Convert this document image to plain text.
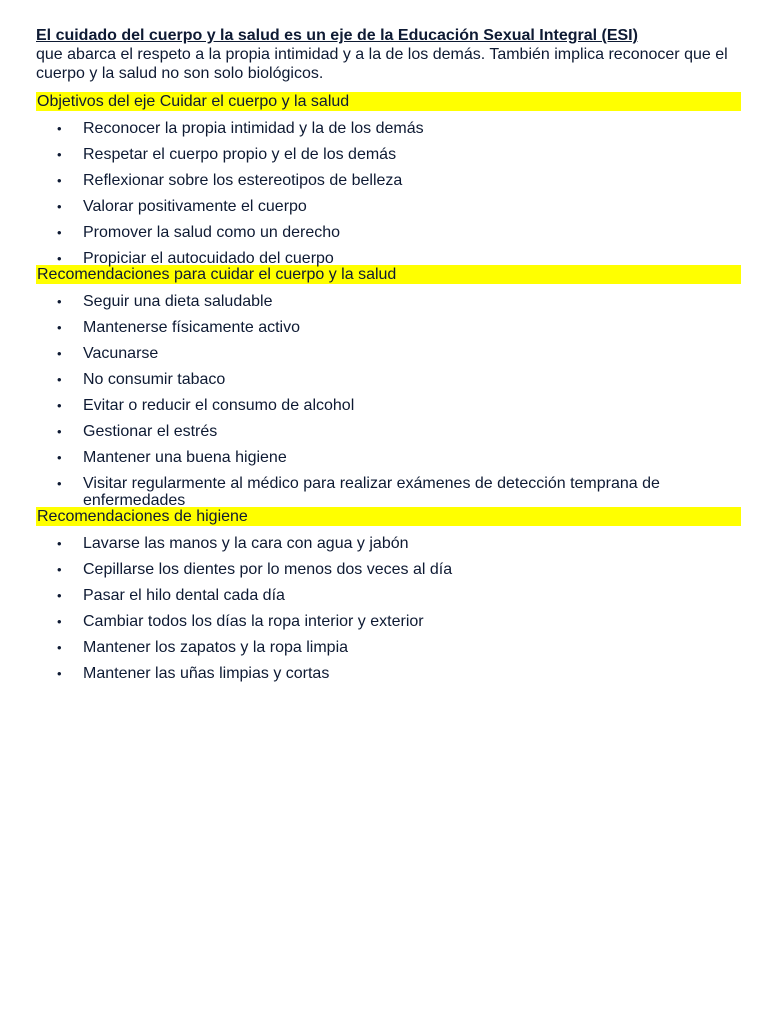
El cuidado del cuerpo y la salud es un eje de la Educación Sexual Integral (ESI)

que abarca el respeto a la propia intimidad y a la de los demás. También implica reconocer que el cuerpo y la salud no son solo biológicos.

Objetivos del eje Cuidar el cuerpo y la salud
• Reconocer la propia intimidad y la de los demás
• Respetar el cuerpo propio y el de los demás
• Reflexionar sobre los estereotipos de belleza
• Valorar positivamente el cuerpo
• Promover la salud como un derecho
• Propiciar el autocuidado del cuerpo
Recomendaciones para cuidar el cuerpo y la salud
• Seguir una dieta saludable
• Mantenerse físicamente activo
• Vacunarse
• No consumir tabaco
• Evitar o reducir el consumo de alcohol
• Gestionar el estrés
• Mantener una buena higiene
• Visitar regularmente al médico para realizar exámenes de detección temprana de enfermedades
Recomendaciones de higiene
• Lavarse las manos y la cara con agua y jabón
• Cepillarse los dientes por lo menos dos veces al día
• Pasar el hilo dental cada día
• Cambiar todos los días la ropa interior y exterior
• Mantener los zapatos y la ropa limpia
• Mantener las uñas limpias y cortas
